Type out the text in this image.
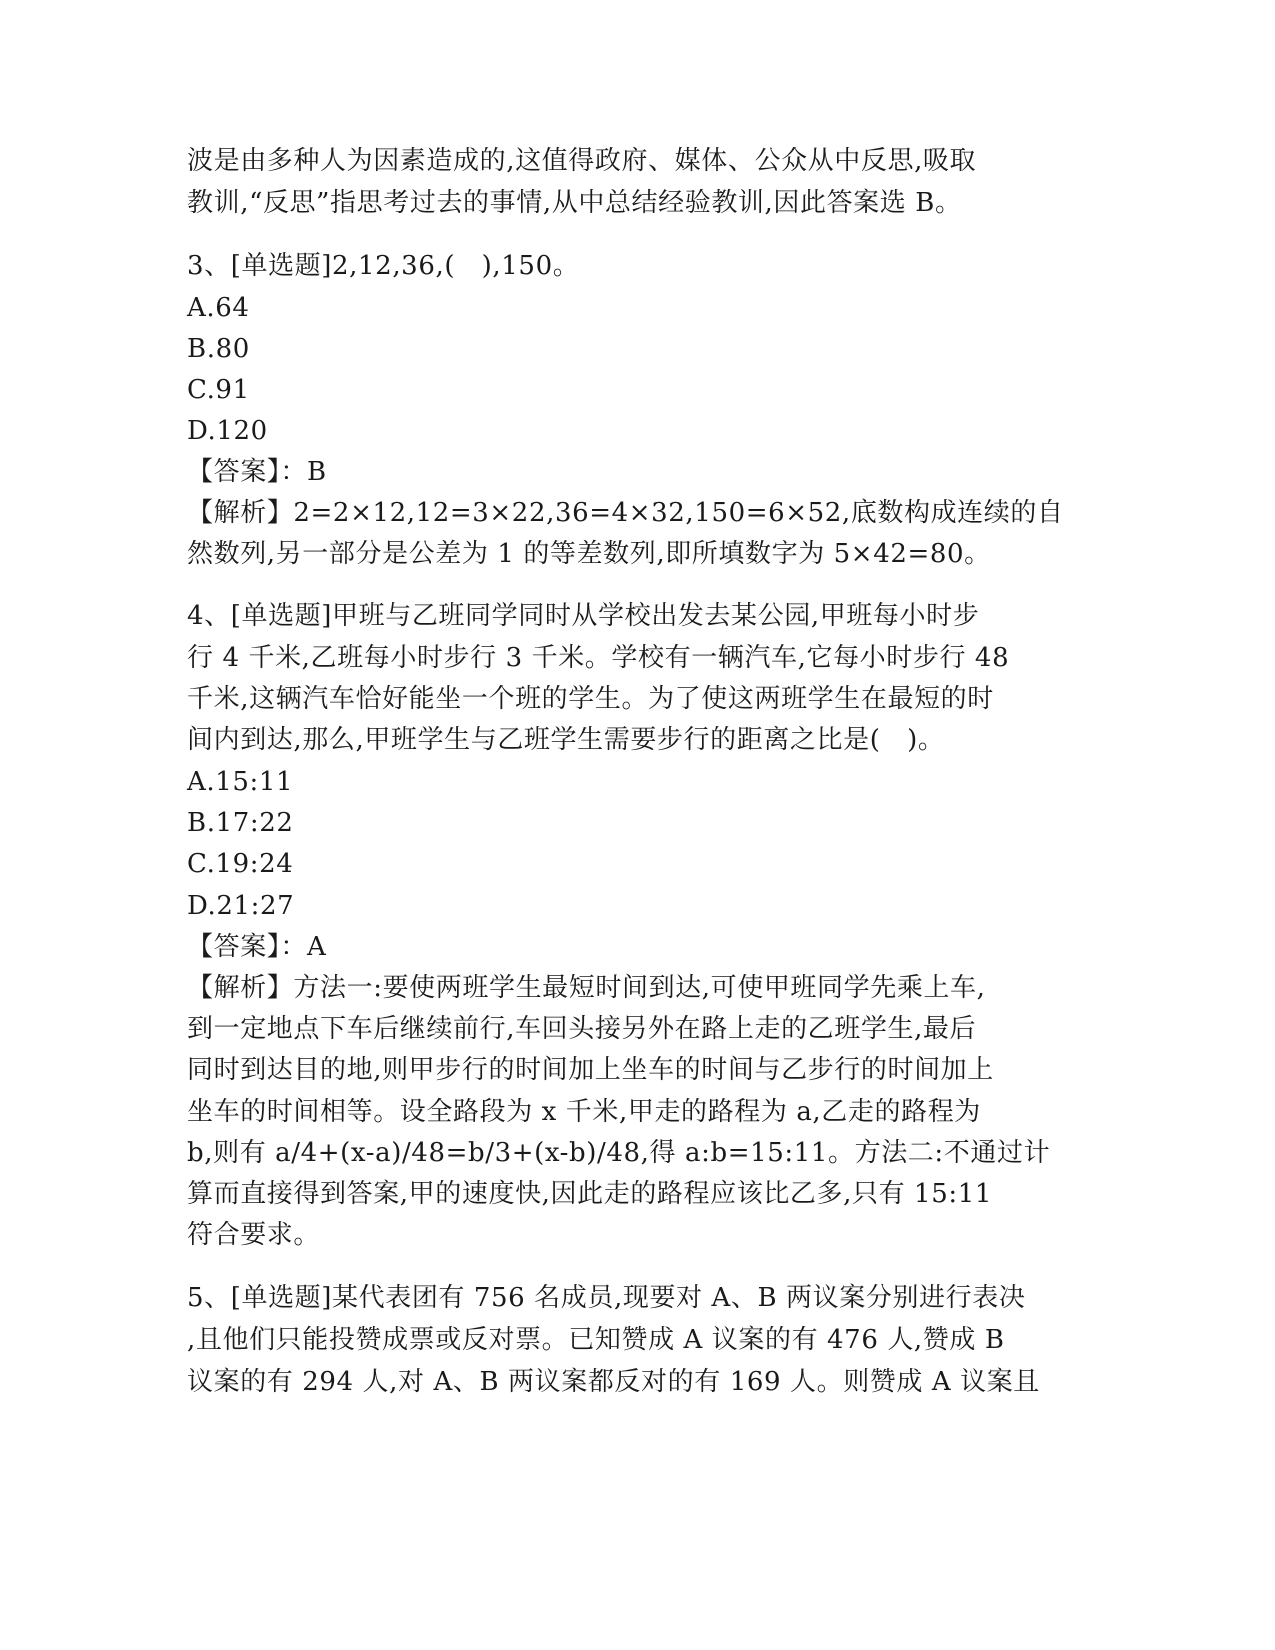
波是由多种人为因素造成的,这值得政府、媒体、公众从中反思,吸取
教训,“反思”指思考过去的事情,从中总结经验教训,因此答案选 B。
3、[单选题]2,12,36,(　),150。
A.64
B.80
C.91
D.120
【答案】：B
【解析】2=2×12,12=3×22,36=4×32,150=6×52,底数构成连续的自
然数列,另一部分是公差为 1 的等差数列,即所填数字为 5×42=80。
4、[单选题]甲班与乙班同学同时从学校出发去某公园,甲班每小时步
行 4 千米,乙班每小时步行 3 千米。学校有一辆汽车,它每小时步行 48
千米,这辆汽车恰好能坐一个班的学生。为了使这两班学生在最短的时
间内到达,那么,甲班学生与乙班学生需要步行的距离之比是(　)。
A.15:11
B.17:22
C.19:24
D.21:27
【答案】：A
【解析】方法一:要使两班学生最短时间到达,可使甲班同学先乘上车,
到一定地点下车后继续前行,车回头接另外在路上走的乙班学生,最后
同时到达目的地,则甲步行的时间加上坐车的时间与乙步行的时间加上
坐车的时间相等。设全路段为 x 千米,甲走的路程为 a,乙走的路程为
b,则有 a/4+(x-a)/48=b/3+(x-b)/48,得 a:b=15:11。方法二:不通过计
算而直接得到答案,甲的速度快,因此走的路程应该比乙多,只有 15:11
符合要求。
5、[单选题]某代表团有 756 名成员,现要对 A、B 两议案分别进行表决
,且他们只能投赞成票或反对票。已知赞成 A 议案的有 476 人,赞成 B
议案的有 294 人,对 A、B 两议案都反对的有 169 人。则赞成 A 议案且
